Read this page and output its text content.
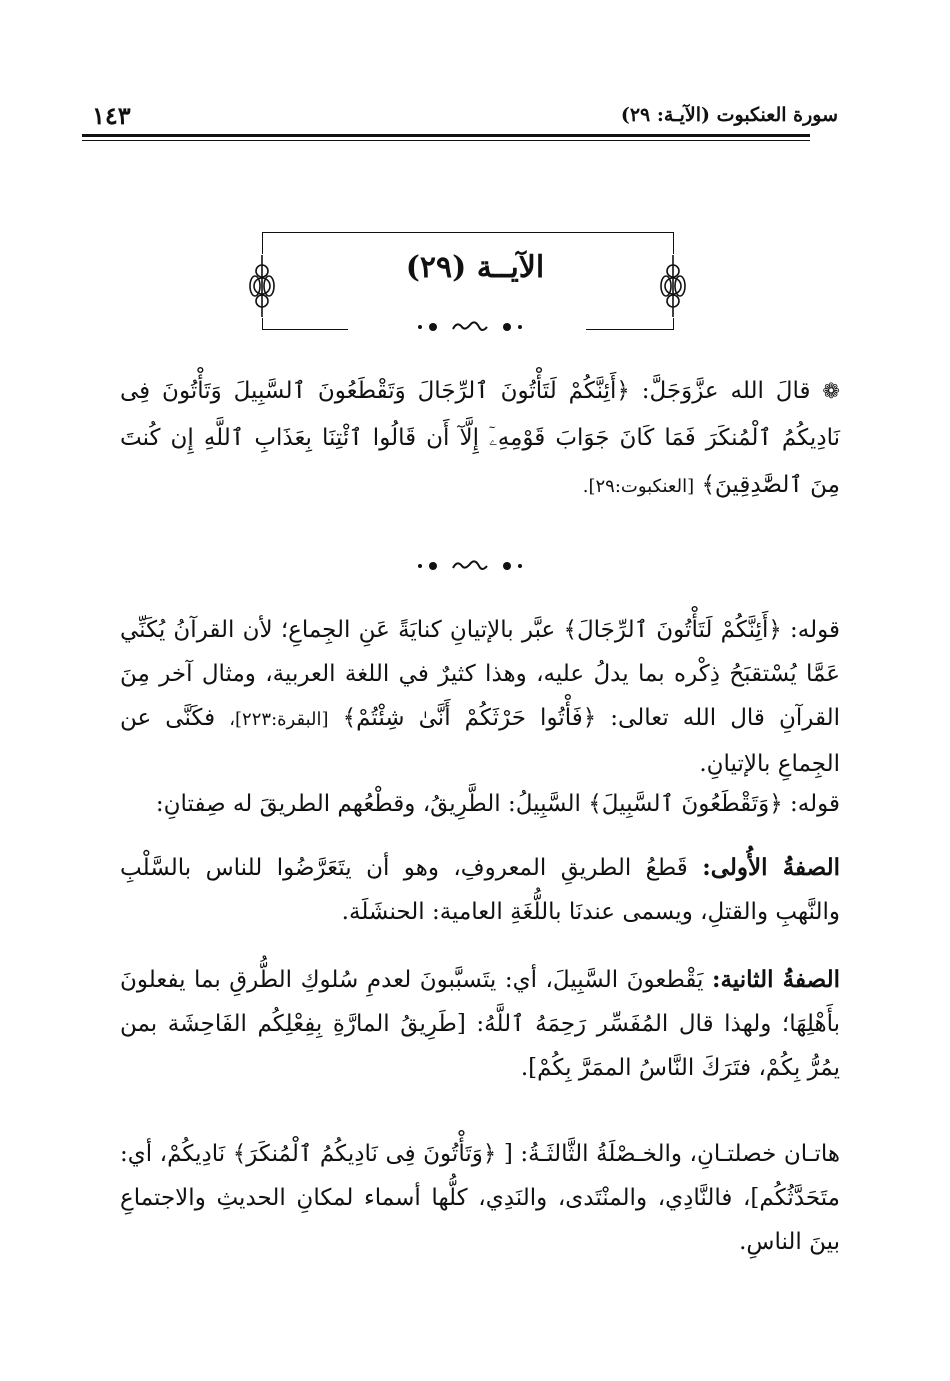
سورة العنكبوت (الآيـة: ٢٩)
١٤٣
الآيــة (٢٩)
❁ قالَ الله عزَّوَجَلَّ: ﴿أَئِنَّكُمْ لَتَأْتُونَ ٱلرِّجَالَ وَتَقْطَعُونَ ٱلسَّبِيلَ وَتَأْتُونَ فِى نَادِيكُمُ ٱلْمُنكَرَ فَمَا كَانَ جَوَابَ قَوْمِهِۦٓ إِلَّآ أَن قَالُوا ٱئْتِنَا بِعَذَابِ ٱللَّهِ إِن كُنتَ مِنَ ٱلصَّٰدِقِينَ﴾ [العنكبوت:٢٩].
قوله: ﴿أَئِنَّكُمْ لَتَأْتُونَ ٱلرِّجَالَ﴾ عبَّر بالإتيانِ كنايَةً عَنِ الجِماعِ؛ لأن القرآنُ يُكَنِّي عَمَّا يُسْتقبَحُ ذِكْره بما يدلُ عليه، وهذا كثيرٌ في اللغة العربية، ومثال آخر مِنَ القرآنِ قال الله تعالى: ﴿فَأْتُوا حَرْثَكُمْ أَنَّىٰ شِئْتُمْ﴾ [البقرة:٢٢٣]، فكَنَّى عن الجِماعِ بالإتيانِ.
قوله: ﴿وَتَقْطَعُونَ ٱلسَّبِيلَ﴾ السَّبِيلُ: الطَّرِيقُ، وقطْعُهم الطريقَ له صِفتانِ:
الصفةُ الأُولى: قَطعُ الطريقِ المعروفِ، وهو أن يتَعَرَّضُوا للناس بالسَّلْبِ والنَّهبِ والقتلِ، ويسمى عندنَا باللُّغَةِ العامية: الحنشَلَة.
الصفةُ الثانية: يَقْطعونَ السَّبِيلَ، أي: يتَسبَّبونَ لعدمِ سُلوكِ الطُّرقِ بما يفعلونَ بأَهْلِهَا؛ ولهذا قال المُفَسِّر رَحِمَهُ ٱللَّهُ: [طَرِيقُ المارَّةِ بِفِعْلِكُم الفَاحِشَة بمن يمُرُّ بِكُمْ، فتَرَكَ النَّاسُ الممَرَّ بِكُمْ].
هاتـان خصلتـانِ، والخـصْلَةُ الثَّالثَـةُ: [ ﴿وَتَأْتُونَ فِى نَادِيكُمُ ٱلْمُنكَرَ﴾ نَادِيكُمْ، أي: متَحَدَّثُكُم]، فالنَّادِي، والمنْتَدى، والنَدِي، كلُّها أسماء لمكانِ الحديثِ والاجتماعِ بينَ الناسِ.
